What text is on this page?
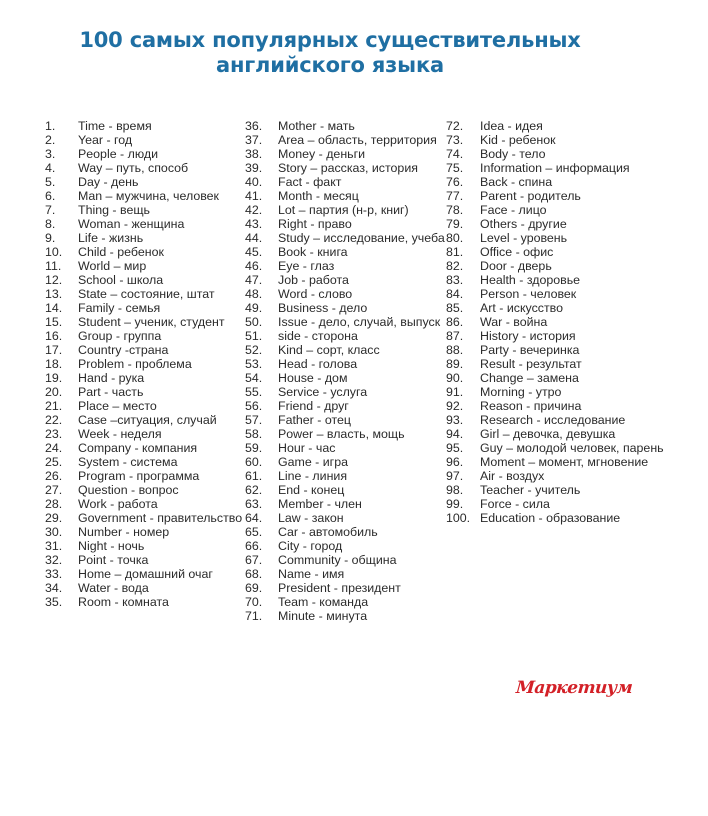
100 самых популярных существительных
английского языка
1.	Time - время
2.	Year - год
3.	People - люди
4.	Way – путь, способ
5.	Day - день
6.	Man – мужчина, человек
7.	Thing - вещь
8.	Woman - женщина
9.	Life - жизнь
10.	Child - ребенок
11.	World – мир
12.	School - школа
13.	State – состояние, штат
14.	Family - семья
15.	Student – ученик, студент
16.	Group - группа
17.	Country -страна
18.	Problem - проблема
19.	Hand - рука
20.	Part - часть
21.	Place – место
22.	Case –ситуация, случай
23.	Week - неделя
24.	Company - компания
25.	System - система
26.	Program - программа
27.	Question - вопрос
28.	Work - работа
29.	Government - правительство
30.	Number - номер
31.	Night - ночь
32.	Point - точка
33.	Home – домашний очаг
34.	Water - вода
35.	Room - комната
36.	Mother - мать
37.	Area – область, территория
38.	Money - деньги
39.	Story – рассказ, история
40.	Fact - факт
41.	Month - месяц
42.	Lot – партия (н-р, книг)
43.	Right - право
44.	Study – исследование, учеба
45.	Book - книга
46.	Eye - глаз
47.	Job - работа
48.	Word - слово
49.	Business - дело
50.	Issue - дело, случай, выпуск
51.	side - сторона
52.	Kind – сорт, класс
53.	Head - голова
54.	House - дом
55.	Service - услуга
56.	Friend - друг
57.	Father - отец
58.	Power – власть, мощь
59.	Hour - час
60.	Game - игра
61.	Line - линия
62.	End - конец
63.	Member - член
64.	Law - закон
65.	Car - автомобиль
66.	City - город
67.	Community - община
68.	Name - имя
69.	President - президент
70.	Team - команда
71.	Minute - минута
72.	Idea - идея
73.	Kid - ребенок
74.	Body - тело
75.	Information – информация
76.	Back - спина
77.	Parent - родитель
78.	Face - лицо
79.	Others - другие
80.	Level - уровень
81.	Office - офис
82.	Door - дверь
83.	Health - здоровье
84.	Person - человек
85.	Art - искусство
86.	War - война
87.	History - история
88.	Party - вечеринка
89.	Result - результат
90.	Change – замена
91.	Morning - утро
92.	Reason - причина
93.	Research - исследование
94.	Girl – девочка, девушка
95.	Guy – молодой человек, парень
96.	Moment – момент, мгновение
97.	Air - воздух
98.	Teacher - учитель
99.	Force - сила
100. Education - образование
Маркетиум
